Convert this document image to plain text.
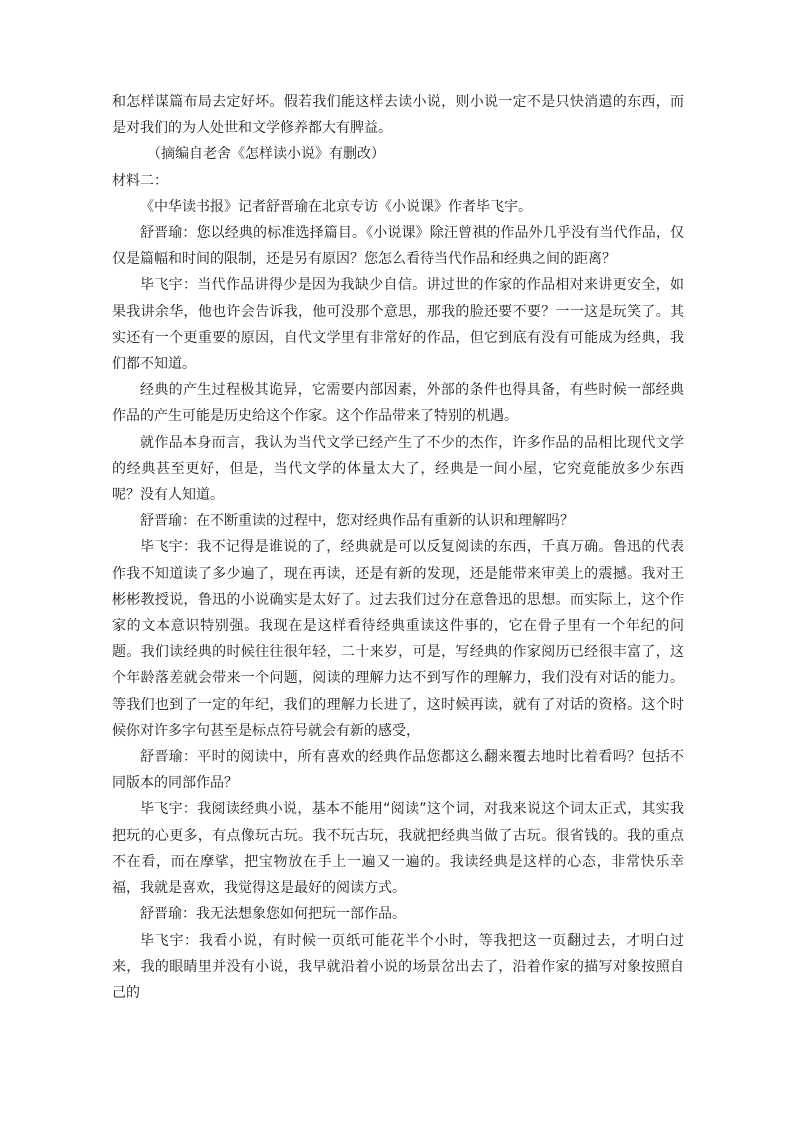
和怎样谋篇布局去定好坏。假若我们能这样去读小说，则小说一定不是只快消遣的东西，而是对我们的为人处世和文学修养都大有脾益。

（摘编自老舍《怎样读小说》有删改）

材料二：

《中华读书报》记者舒晋瑜在北京专访《小说课》作者毕飞宇。

舒晋瑜：您以经典的标准选择篇目。《小说课》除汪曾祺的作品外几乎没有当代作品，仅仅是篇幅和时间的限制，还是另有原因？您怎么看待当代作品和经典之间的距离？

毕飞宇：当代作品讲得少是因为我缺少自信。讲过世的作家的作品相对来讲更安全，如果我讲余华，他也许会告诉我，他可没那个意思，那我的脸还要不要？一一这是玩笑了。其实还有一个更重要的原因，自代文学里有非常好的作品，但它到底有没有可能成为经典，我们都不知道。

经典的产生过程极其诡异，它需要内部因素，外部的条件也得具备，有些时候一部经典作品的产生可能是历史给这个作家。这个作品带来了特别的机遇。

就作品本身而言，我认为当代文学已经产生了不少的杰作，许多作品的品相比现代文学的经典甚至更好，但是，当代文学的体量太大了，经典是一间小屋，它究竟能放多少东西呢？没有人知道。

舒晋瑜：在不断重读的过程中，您对经典作品有重新的认识和理解吗？

毕飞宇：我不记得是谁说的了，经典就是可以反复阅读的东西，千真万确。鲁迅的代表作我不知道读了多少遍了，现在再读，还是有新的发现，还是能带来审美上的震撼。我对王彬彬教授说，鲁迅的小说确实是太好了。过去我们过分在意鲁迅的思想。而实际上，这个作家的文本意识特别强。我现在是这样看待经典重读这件事的，它在骨子里有一个年纪的问题。我们读经典的时候往往很年轻，二十来岁，可是，写经典的作家阅历已经很丰富了，这个年龄落差就会带来一个问题，阅读的理解力达不到写作的理解力，我们没有对话的能力。等我们也到了一定的年纪，我们的理解力长进了，这时候再读，就有了对话的资格。这个时候你对许多字句甚至是标点符号就会有新的感受，

舒晋瑜：平时的阅读中，所有喜欢的经典作品您都这么翻来覆去地时比着看吗？包括不同版本的同部作品？

毕飞宇：我阅读经典小说，基本不能用“阅读”这个词，对我来说这个词太正式，其实我把玩的心更多，有点像玩古玩。我不玩古玩，我就把经典当做了古玩。很省钱的。我的重点不在看，而在摩挲，把宝物放在手上一遍又一遍的。我读经典是这样的心态，非常快乐幸福，我就是喜欢，我觉得这是最好的阅读方式。

舒晋瑜：我无法想象您如何把玩一部作品。

毕飞宇：我看小说，有时候一页纸可能花半个小时，等我把这一页翻过去，才明白过来，我的眼睛里并没有小说，我早就沿着小说的场景岔出去了，沿着作家的描写对象按照自己的
